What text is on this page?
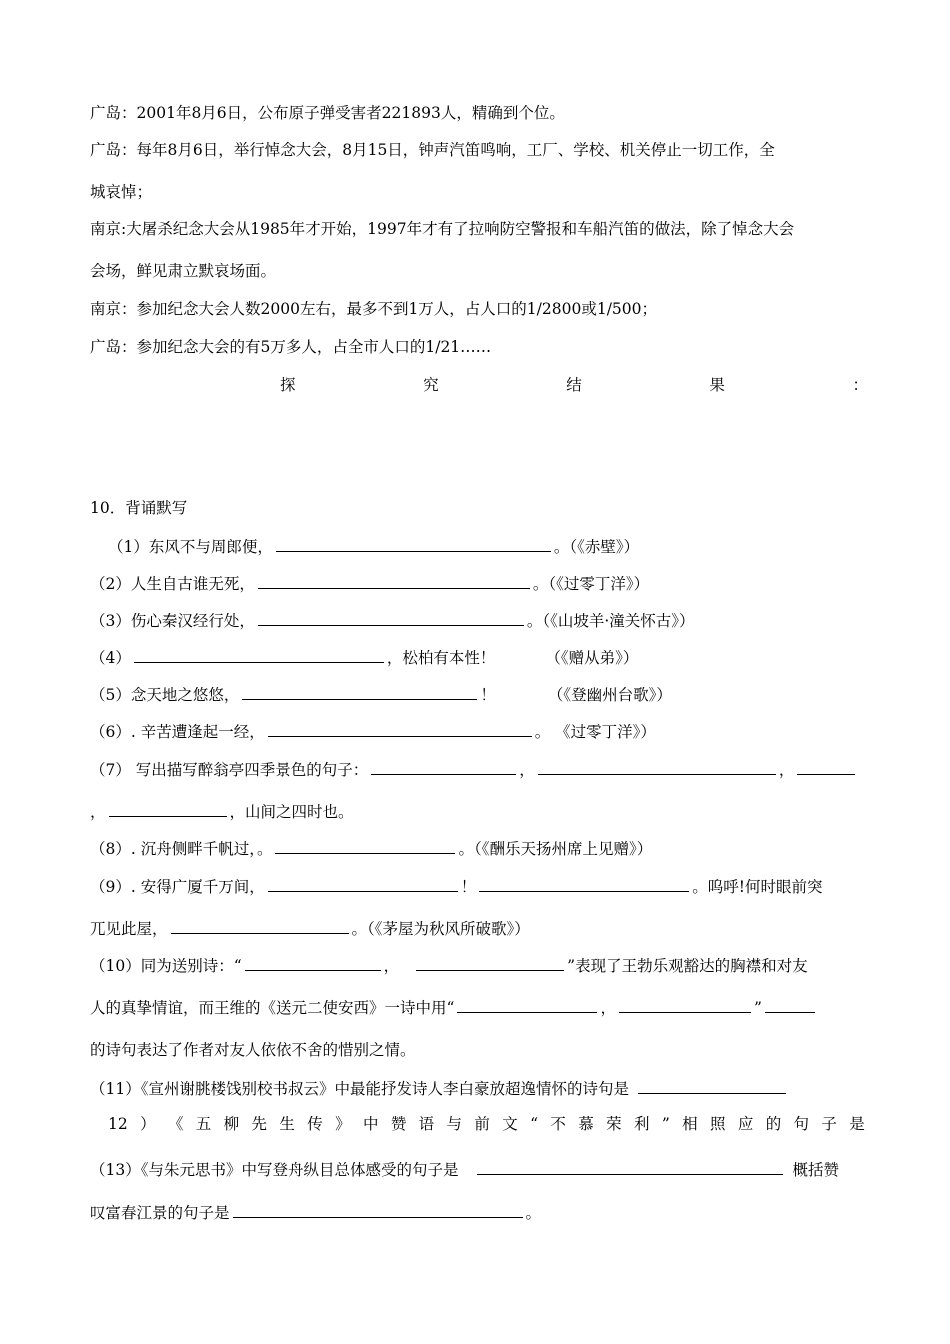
广岛：2001年8月6日，公布原子弹受害者221893人，精确到个位。
广岛：每年8月6日，举行悼念大会，8月15日，钟声汽笛鸣响，工厂、学校、机关停止一切工作，全
城哀悼；
南京:大屠杀纪念大会从1985年才开始，1997年才有了拉响防空警报和车船汽笛的做法，除了悼念大会
会场，鲜见肃立默哀场面。
南京：参加纪念大会人数2000左右，最多不到1万人，占人口的1/2800或1/500；
广岛：参加纪念大会的有5万多人，占全市人口的1/21……
探	究	结	果	：
10．背诵默写
（1）东风不与周郎便，	。（《赤壁》）
（2）人生自古谁无死，	。（《过零丁洋》）
（3）伤心秦汉经行处，	。（《山坡羊·潼关怀古》）
（4）	，松柏有本性！	（《赠从弟》）
（5）念天地之悠悠，	！	（《登幽州台歌》）
（6）. 辛苦遭逢起一经，	。 《过零丁洋》）
（7） 写出描写醉翁亭四季景色的句子：	，	，
，	，山间之四时也。
（8）. 沉舟侧畔千帆过，。	。（《酬乐天扬州席上见赠》）
（9）. 安得广厦千万间，	！	。呜呼!何时眼前突
兀见此屋，	。（《茅屋为秋风所破歌》）
（10）同为送别诗：“	，	”表现了王勃乐观豁达的胸襟和对友
人的真挚情谊，而王维的《送元二使安西》一诗中用“	，	”
的诗句表达了作者对友人依依不舍的惜别之情。
（11）《宣州谢朓楼饯别校书叔云》中最能抒发诗人李白豪放超逸情怀的诗句是
12 ） 《 五 柳 先 生 传 》 中 赞 语 与 前 文 “ 不 慕 荣 利 ” 相 照 应 的 句 子 是
（13）《与朱元思书》中写登舟纵目总体感受的句子是	概括赞
叹富春江景的句子是	。
